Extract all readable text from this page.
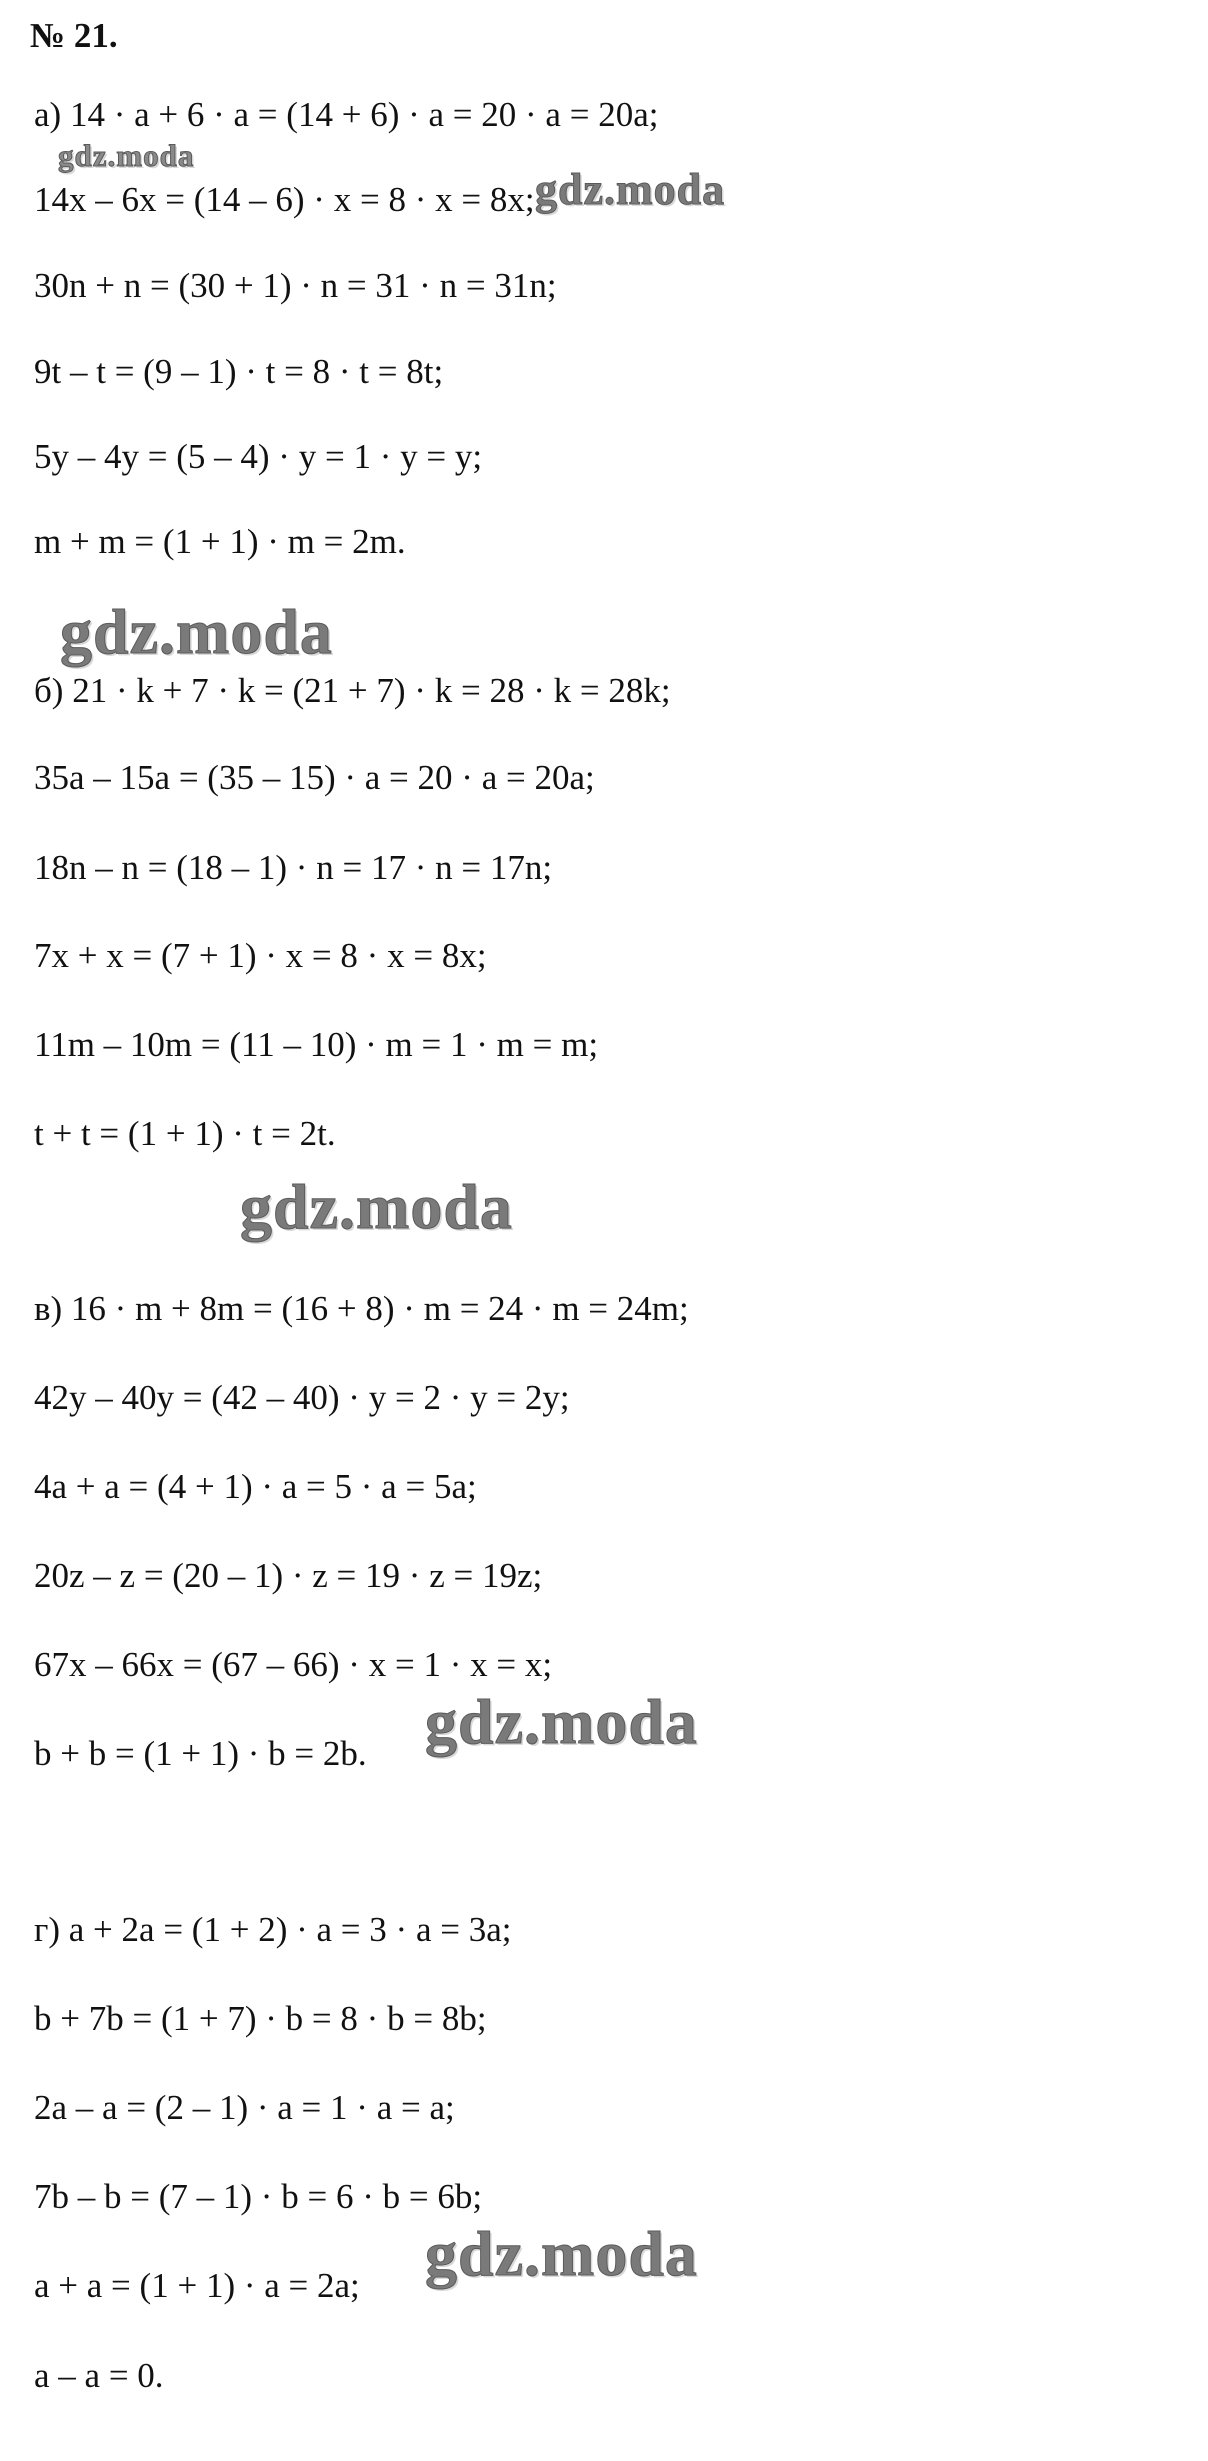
№ 21.
а) 14 · a + 6 · a = (14 + 6) · a = 20 · a = 20a;
14x – 6x = (14 – 6) · x = 8 · x = 8x;
30n + n = (30 + 1) · n = 31 · n = 31n;
9t – t = (9 – 1) · t = 8 · t = 8t;
5y – 4y = (5 – 4) · y = 1 · y = y;
m + m = (1 + 1) · m = 2m.
б) 21 · k + 7 · k = (21 + 7) · k = 28 · k = 28k;
35a – 15a = (35 – 15) · a = 20 · a = 20a;
18n – n = (18 – 1) · n = 17 · n = 17n;
7x + x = (7 + 1) · x = 8 · x = 8x;
11m – 10m = (11 – 10) · m = 1 · m = m;
t + t = (1 + 1) · t = 2t.
в) 16 · m + 8m = (16 + 8) · m = 24 · m = 24m;
42y – 40y = (42 – 40) · y = 2 · y = 2y;
4a + a = (4 + 1) · a = 5 · a = 5a;
20z – z = (20 – 1) · z = 19 · z = 19z;
67x – 66x = (67 – 66) · x = 1 · x = x;
b + b = (1 + 1) · b = 2b.
г) a + 2a = (1 + 2) · a = 3 · a = 3a;
b + 7b = (1 + 7) · b = 8 · b = 8b;
2a – a = (2 – 1) · a = 1 · a = a;
7b – b = (7 – 1) · b = 6 · b = 6b;
a + a = (1 + 1) · a = 2a;
a – a = 0.
gdz.moda
gdz.moda
gdz.moda
gdz.moda
gdz.moda
gdz.moda
